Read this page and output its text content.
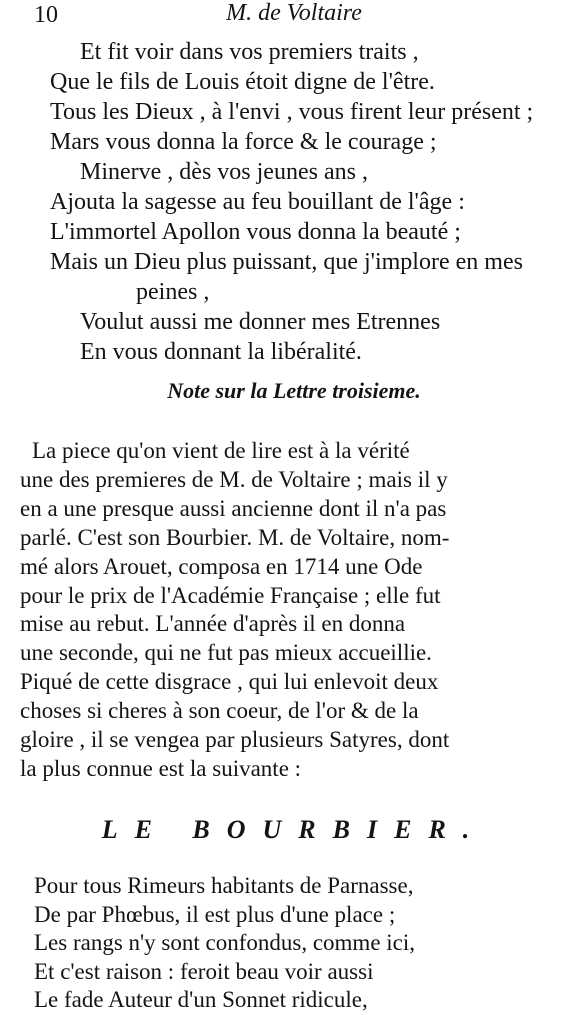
10	M. de Voltaire
Et fit voir dans vos premiers traits ,
Que le fils de Louis étoit digne de l'être.
Tous les Dieux , à l'envi , vous firent leur présent ;
Mars vous donna la force & le courage ;
Minerve , dès vos jeunes ans ,
Ajouta la sagesse au feu bouillant de l'âge :
L'immortel Apollon vous donna la beauté ;
Mais un Dieu plus puissant, que j'implore en mes
peines ,
Voulut aussi me donner mes Etrennes
En vous donnant la libéralité.
Note sur la Lettre troisieme.
La piece qu'on vient de lire est à la vérité
une des premieres de M. de Voltaire ; mais il y
en a une presque aussi ancienne dont il n'a pas
parlé. C'est son Bourbier. M. de Voltaire, nom-
mé alors Arouet, composa en 1714 une Ode
pour le prix de l'Académie Française ; elle fut
mise au rebut. L'année d'après il en donna
une seconde, qui ne fut pas mieux accueillie.
Piqué de cette disgrace , qui lui enlevoit deux
choses si cheres à son coeur, de l'or & de la
gloire , il se vengea par plusieurs Satyres, dont
la plus connue est la suivante :
LE BOURBIER.
Pour tous Rimeurs habitants de Parnasse,
De par Phœbus, il est plus d'une place ;
Les rangs n'y sont confondus, comme ici,
Et c'est raison : feroit beau voir aussi
Le fade Auteur d'un Sonnet ridicule,
